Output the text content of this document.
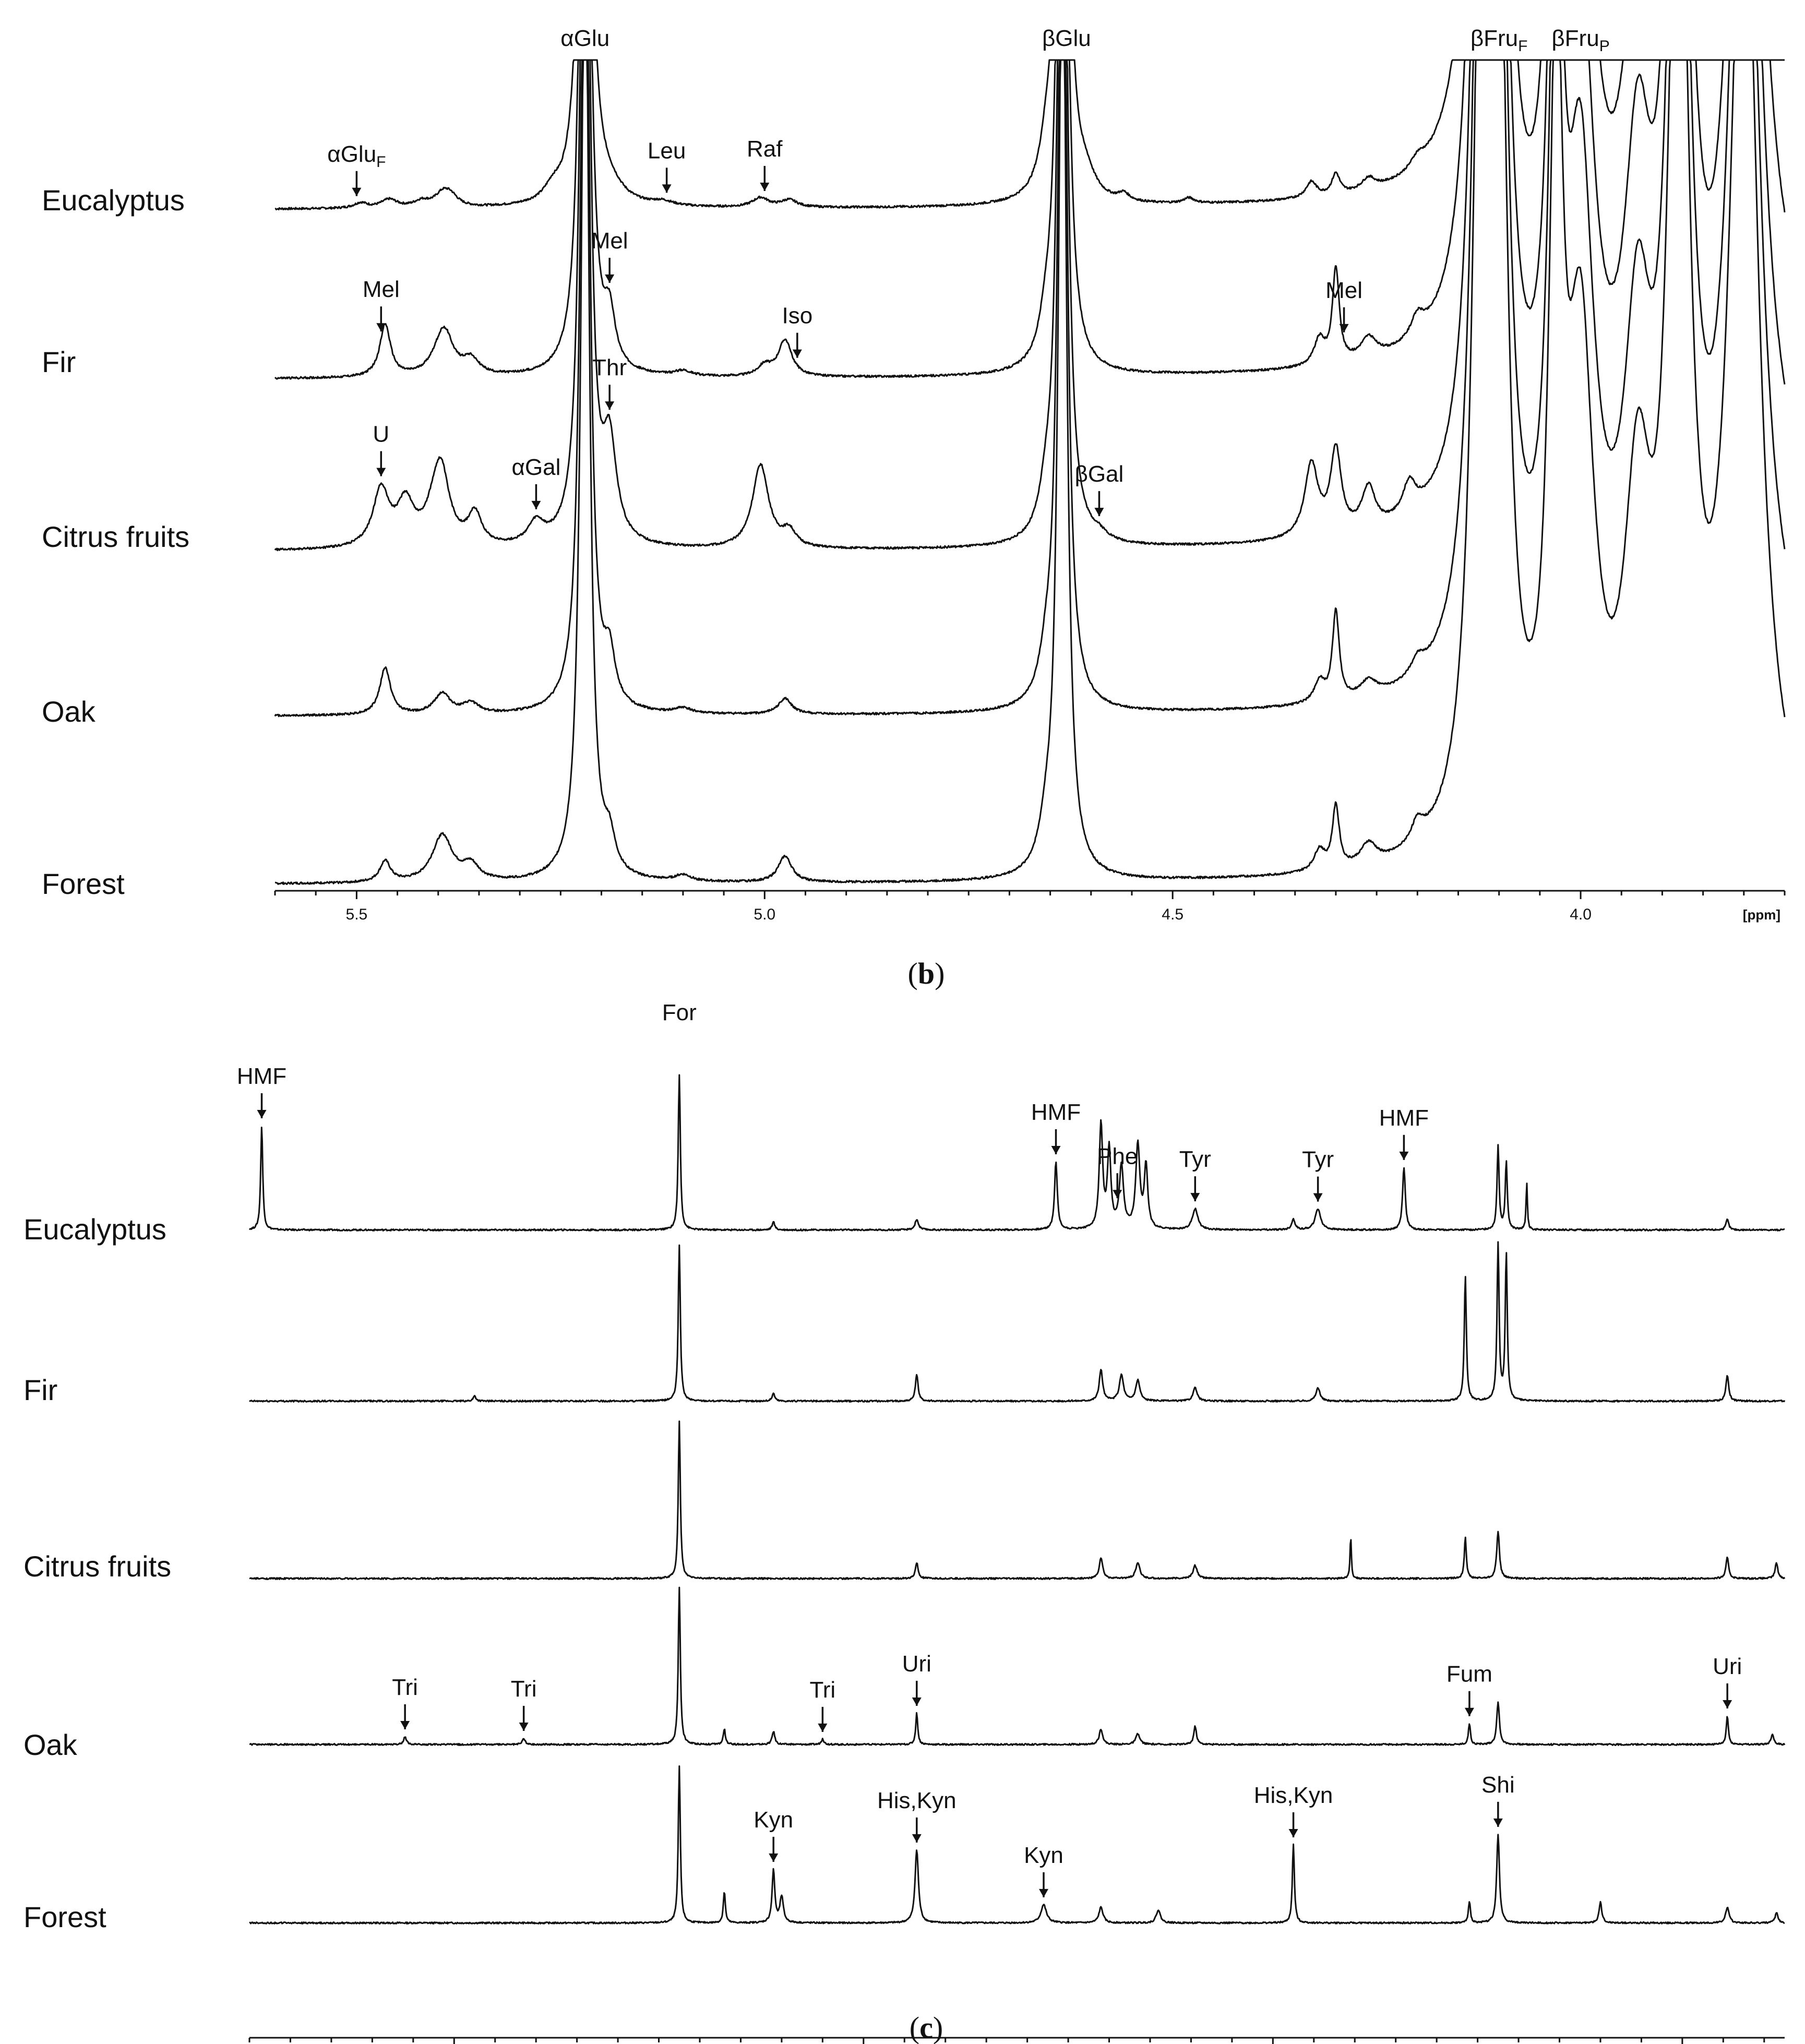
5.5	5.0	4.5	4.0	[ppm]
(b)
Eucalyptus
Fir
Citrus fruits
Oak
Forest
αGlu	βGlu	βFru$_F$ βFru$_P$
αGlu$_F$	Leu	Raf
Mel
Mel
Iso
Mel
U
αGal
Thr
βGal
(c)
Eucalyptus
Fir
Citrus fruits
Oak
Forest
For
HMF
Phe
HMF
Tyr	Tyr
HMF
Tri	Tri	Tri
Uri	Fum	Uri
Kyn
His,Kyn
Kyn
His,Kyn	Shi
